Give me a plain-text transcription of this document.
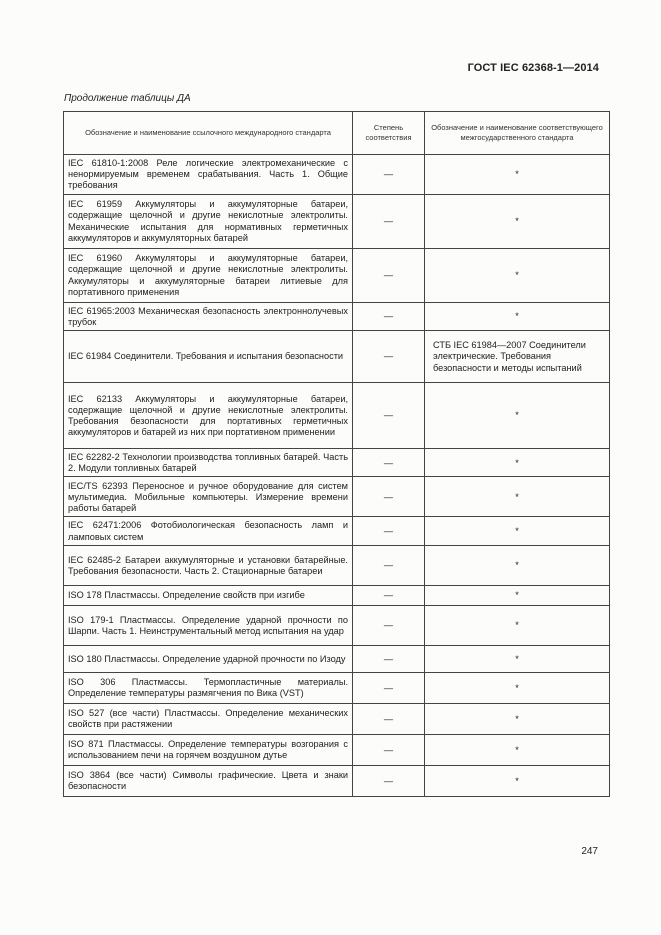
ГОСТ IEC 62368-1—2014
Продолжение таблицы ДА
Обозначение и наименование ссылочного международного стандарта	Степень соответствия	Обозначение и наименование соответствующего межгосударственного стандарта
IEC 61810-1:2008 Реле логические электромеханические с ненормируемым временем срабатывания. Часть 1. Общие требования	—	*
IEC 61959 Аккумуляторы и аккумуляторные батареи, содержащие щелочной и другие некислотные электролиты. Механические испытания для нормативных герметичных аккумуляторов и аккумуляторных батарей	—	*
IEC 61960 Аккумуляторы и аккумуляторные батареи, содержащие щелочной и другие некислотные электролиты. Аккумуляторы и аккумуляторные батареи литиевые для портативного применения	—	*
IEC 61965:2003 Механическая безопасность электроннолучевых трубок	—	*
IEC 61984 Соединители. Требования и испытания безопасности	—	СТБ IEC 61984—2007 Соединители электрические. Требования безопасности и методы испытаний
IEC 62133 Аккумуляторы и аккумуляторные батареи, содержащие щелочной и другие некислотные электролиты. Требования безопасности для портативных герметичных аккумуляторов и батарей из них при портативном применении	—	*
IEC 62282-2 Технологии производства топливных батарей. Часть 2. Модули топливных батарей	—	*
IEC/TS 62393 Переносное и ручное оборудование для систем мультимедиа. Мобильные компьютеры. Измерение времени работы батарей	—	*
IEC 62471:2006 Фотобиологическая безопасность ламп и ламповых систем	—	*
IEC 62485-2 Батареи аккумуляторные и установки батарейные. Требования безопасности. Часть 2. Стационарные батареи	—	*
ISO 178 Пластмассы. Определение свойств при изгибе	—	*
ISO 179-1 Пластмассы. Определение ударной прочности по Шарпи. Часть 1. Неинструментальный метод испытания на удар	—	*
ISO 180 Пластмассы. Определение ударной прочности по Изоду	—	*
ISO 306 Пластмассы. Термопластичные материалы. Определение температуры размягчения по Вика (VST)	—	*
ISO 527 (все части) Пластмассы. Определение механических свойств при растяжении	—	*
ISO 871 Пластмассы. Определение температуры возгорания с использованием печи на горячем воздушном дутье	—	*
ISO 3864 (все части) Символы графические. Цвета и знаки безопасности	—	*
247
